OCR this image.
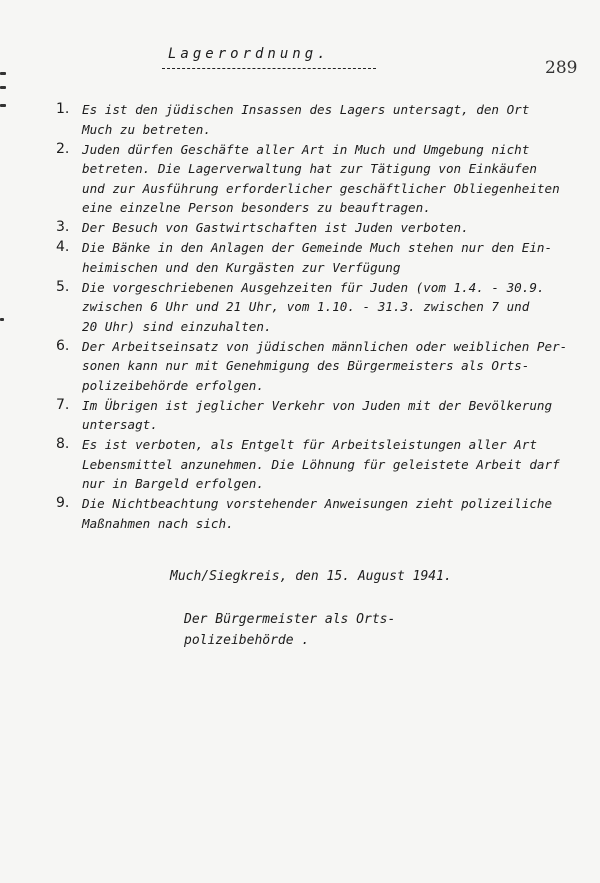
Lagerordnung.
289
1. Es ist den jüdischen Insassen des Lagers untersagt, den Ort
Much zu betreten.
2. Juden dürfen Geschäfte aller Art in Much und Umgebung nicht
betreten. Die Lagerverwaltung hat zur Tätigung von Einkäufen
und zur Ausführung erforderlicher geschäftlicher Obliegenheiten
eine einzelne Person besonders zu beauftragen.
3. Der Besuch von Gastwirtschaften ist Juden verboten.
4. Die Bänke in den Anlagen der Gemeinde Much stehen nur den Ein-
heimischen und den Kurgästen zur Verfügung
5. Die vorgeschriebenen Ausgehzeiten für Juden (vom 1.4. - 30.9.
zwischen 6 Uhr und 21 Uhr, vom 1.10. - 31.3. zwischen 7 und
20 Uhr) sind einzuhalten.
6. Der Arbeitseinsatz von jüdischen männlichen oder weiblichen Per-
sonen kann nur mit Genehmigung des Bürgermeisters als Orts-
polizeibehörde erfolgen.
7. Im Übrigen ist jeglicher Verkehr von Juden mit der Bevölkerung
untersagt.
8. Es ist verboten, als Entgelt für Arbeitsleistungen aller Art
Lebensmittel anzunehmen. Die Löhnung für geleistete Arbeit darf
nur in Bargeld erfolgen.
9. Die Nichtbeachtung vorstehender Anweisungen zieht polizeiliche
Maßnahmen nach sich.

Much/Siegkreis, den 15. August 1941.

Der Bürgermeister als Orts-
polizeibehörde .
